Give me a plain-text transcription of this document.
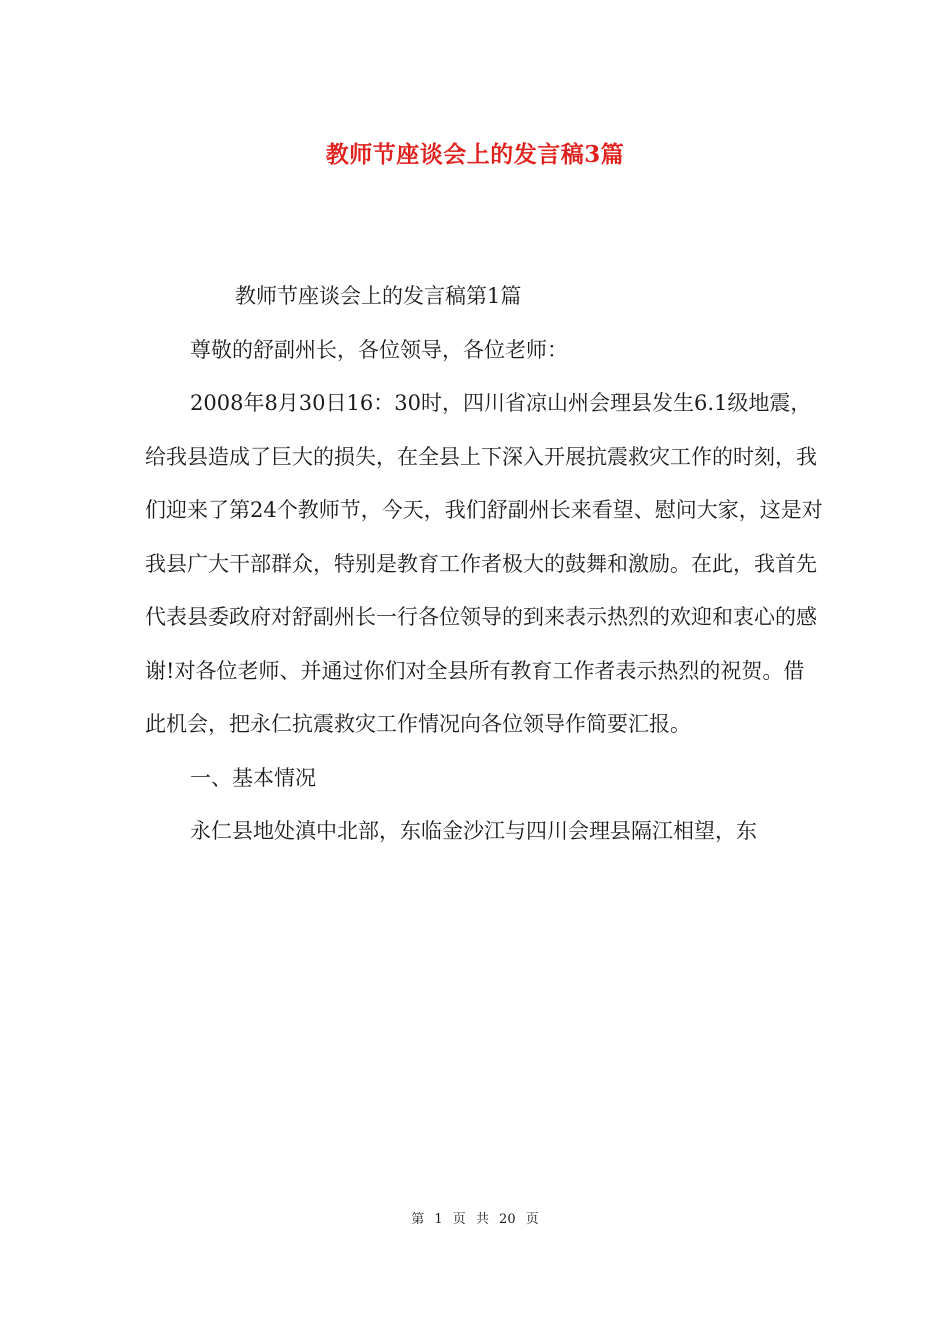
教师节座谈会上的发言稿3篇

教师节座谈会上的发言稿第1篇

尊敬的舒副州长，各位领导，各位老师：

2008年8月30日16：30时，四川省凉山州会理县发生6.1级地震，给我县造成了巨大的损失，在全县上下深入开展抗震救灾工作的时刻，我们迎来了第24个教师节，今天，我们舒副州长来看望、慰问大家，这是对我县广大干部群众，特别是教育工作者极大的鼓舞和激励。在此，我首先代表县委政府对舒副州长一行各位领导的到来表示热烈的欢迎和衷心的感谢!对各位老师、并通过你们对全县所有教育工作者表示热烈的祝贺。借此机会，把永仁抗震救灾工作情况向各位领导作简要汇报。

一、基本情况

永仁县地处滇中北部，东临金沙江与四川会理县隔江相望，东

第 1 页 共 20 页
